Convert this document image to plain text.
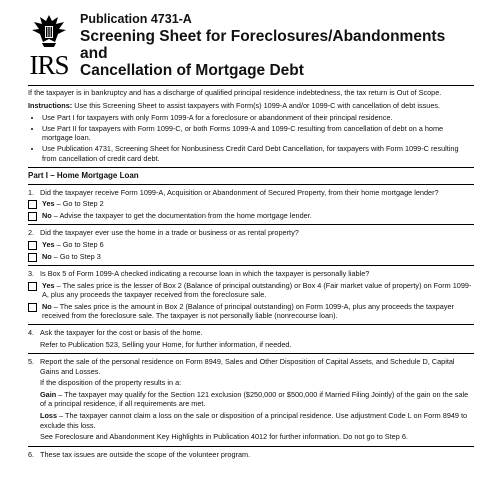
IRS
Publication 4731-A
Screening Sheet for Foreclosures/Abandonments and
Cancellation of Mortgage Debt

If the taxpayer is in bankruptcy and has a discharge of qualified principal residence indebtedness, the tax return is Out of Scope.

Instructions: Use this Screening Sheet to assist taxpayers with Form(s) 1099-A and/or 1099-C with cancellation of debt issues.

• Use Part I for taxpayers with only Form 1099-A for a foreclosure or abandonment of their principal residence.
• Use Part II for taxpayers with Form 1099-C, or both Forms 1099-A and 1099-C resulting from cancellation of debt on a home mortgage loan.
• Use Publication 4731, Screening Sheet for Nonbusiness Credit Card Debt Cancellation, for taxpayers with Form 1099-C resulting from cancellation of credit card debt.
Part I – Home Mortgage Loan
1. Did the taxpayer receive Form 1099-A, Acquisition or Abandonment of Secured Property, from their home mortgage lender?
Yes – Go to Step 2
No – Advise the taxpayer to get the documentation from the home mortgage lender.
2. Did the taxpayer ever use the home in a trade or business or as rental property?
Yes – Go to Step 6
No – Go to Step 3
3. Is Box 5 of Form 1099-A checked indicating a recourse loan in which the taxpayer is personally liable?
Yes – The sales price is the lesser of Box 2 (Balance of principal outstanding) or Box 4 (Fair market value of property) on Form 1099-A, plus any proceeds the taxpayer received from the foreclosure sale.
No – The sales price is the amount in Box 2 (Balance of principal outstanding) on Form 1099-A, plus any proceeds the taxpayer received from the foreclosure sale. The taxpayer is not personally liable (nonrecourse loan).
4. Ask the taxpayer for the cost or basis of the home.
Refer to Publication 523, Selling your Home, for further information, if needed.
5. Report the sale of the personal residence on Form 8949, Sales and Other Disposition of Capital Assets, and Schedule D, Capital Gains and Losses.
If the disposition of the property results in a:
Gain – The taxpayer may qualify for the Section 121 exclusion ($250,000 or $500,000 if Married Filing Jointly) of the gain on the sale of a principal residence, if all requirements are met.
Loss – The taxpayer cannot claim a loss on the sale or disposition of a principal residence. Use adjustment Code L on Form 8949 to exclude this loss.
See Foreclosure and Abandonment Key Highlights in Publication 4012 for further information. Do not go to Step 6.
6. These tax issues are outside the scope of the volunteer program.
